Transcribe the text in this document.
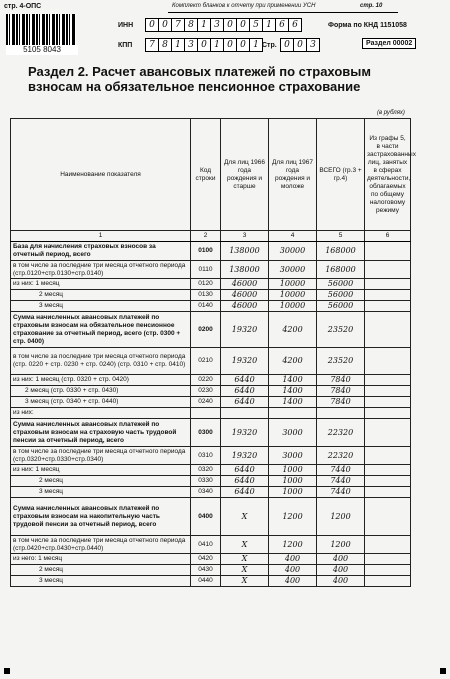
стр. 4-ОПС	Комплект бланков к отчету при применении УСН	стр. 10
5105 8043
ИНН	0 0 7 8 1 3 0 0 5 1 6 6
КПП	7 8 1 3 0 1 0 0 1 Стр. 0 0 3
Форма по КНД 1151058
Раздел 00002
Раздел 2. Расчет авансовых платежей по страховым взносам на обязательное пенсионное страхование
(в рублях)
Наименование показателя	Код строки	Для лиц 1966 года рождения и старше	Для лиц 1967 года рождения и моложе	ВСЕГО (гр.3 + гр.4)	Из графы 5, в части застрахованных лиц, занятых в сферах деятельности, облагаемых по общему налоговому режиму
1	2	3	4	5	6
База для начисления страховых взносов за отчетный период, всего	0100	138000	30000	168000	
в том числе за последние три месяца отчетного периода (стр.0120+стр.0130+стр.0140)	0110	138000	30000	168000	
из них: 1 месяц	0120	46000	10000	56000	
2 месяц	0130	46000	10000	56000	
3 месяц	0140	46000	10000	56000	
Сумма начисленных авансовых платежей по страховым взносам на обязательное пенсионное страхование за отчетный период, всего (стр. 0300 + стр. 0400)	0200	19320	4200	23520	
в том числе за последние три месяца отчетного периода (стр. 0220 + стр. 0230 + стр. 0240) (стр. 0310 + стр. 0410)	0210	19320	4200	23520	
из них: 1 месяц (стр. 0320 + стр. 0420)	0220	6440	1400	7840	
2 месяц (стр. 0330 + стр. 0430)	0230	6440	1400	7840	
3 месяц (стр. 0340 + стр. 0440)	0240	6440	1400	7840	
из них:					
Сумма начисленных авансовых платежей по страховым взносам на страховую часть трудовой пенсии за отчетный период, всего	0300	19320	3000	22320	
в том числе за последние три месяца отчетного периода (стр.0320+стр.0330+стр.0340)	0310	19320	3000	22320	
из них: 1 месяц	0320	6440	1000	7440	
2 месяц	0330	6440	1000	7440	
3 месяц	0340	6440	1000	7440	
Сумма начисленных авансовых платежей по страховым взносам на накопительную часть трудовой пенсии за отчетный период, всего	0400	Х	1200	1200	
в том числе за последние три месяца отчетного периода (стр.0420+стр.0430+стр.0440)	0410	Х	1200	1200	
из него: 1 месяц	0420	Х	400	400	
2 месяц	0430	Х	400	400	
3 месяц	0440	Х	400	400	
